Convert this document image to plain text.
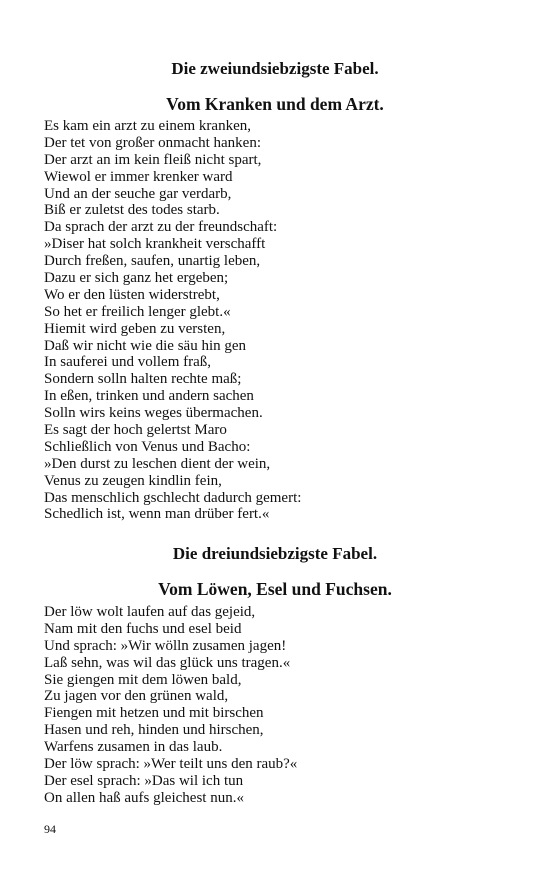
Die zweiundsiebzigste Fabel.
Vom Kranken und dem Arzt.
Es kam ein arzt zu einem kranken,
Der tet von großer onmacht hanken:
Der arzt an im kein fleiß nicht spart,
Wiewol er immer krenker ward
Und an der seuche gar verdarb,
Biß er zuletst des todes starb.
Da sprach der arzt zu der freundschaft:
»Diser hat solch krankheit verschafft
Durch freßen, saufen, unartig leben,
Dazu er sich ganz het ergeben;
Wo er den lüsten widerstrebt,
So het er freilich lenger glebt.«
Hiemit wird geben zu versten,
Daß wir nicht wie die säu hin gen
In sauferei und vollem fraß,
Sondern solln halten rechte maß;
In eßen, trinken und andern sachen
Solln wirs keins weges übermachen.
Es sagt der hoch gelertst Maro
Schließlich von Venus und Bacho:
»Den durst zu leschen dient der wein,
Venus zu zeugen kindlin fein,
Das menschlich gschlecht dadurch gemert:
Schedlich ist, wenn man drüber fert.«
Die dreiundsiebzigste Fabel.
Vom Löwen, Esel und Fuchsen.
Der löw wolt laufen auf das gejeid,
Nam mit den fuchs und esel beid
Und sprach: »Wir wölln zusamen jagen!
Laß sehn, was wil das glück uns tragen.«
Sie giengen mit dem löwen bald,
Zu jagen vor den grünen wald,
Fiengen mit hetzen und mit birschen
Hasen und reh, hinden und hirschen,
Warfens zusamen in das laub.
Der löw sprach: »Wer teilt uns den raub?«
Der esel sprach: »Das wil ich tun
On allen haß aufs gleichest nun.«
94
